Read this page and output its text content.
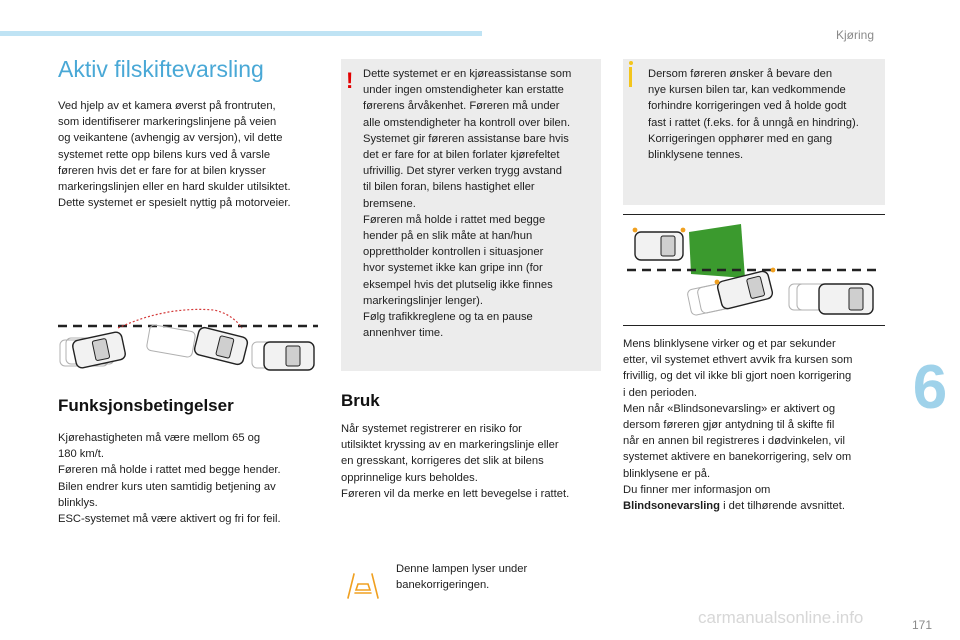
Kjøring
6
Aktiv filskiftevarsling
Ved hjelp av et kamera øverst på frontruten,
som identifiserer markeringslinjene på veien
og veikantene (avhengig av versjon), vil dette
systemet rette opp bilens kurs ved å varsle
føreren hvis det er fare for at bilen krysser
markeringslinjen eller en hard skulder utilsiktet.
Dette systemet er spesielt nyttig på motorveier.
Funksjonsbetingelser
Kjørehastigheten må være mellom 65 og
180 km/t.
Føreren må holde i rattet med begge hender.
Bilen endrer kurs uten samtidig betjening av
blinklys.
ESC-systemet må være aktivert og fri for feil.
! Dette systemet er en kjøreassistanse som
under ingen omstendigheter kan erstatte
førerens årvåkenhet. Føreren må under
alle omstendigheter ha kontroll over bilen.
Systemet gir føreren assistanse bare hvis
det er fare for at bilen forlater kjørefeltet
ufrivillig. Det styrer verken trygg avstand
til bilen foran, bilens hastighet eller
bremsene.
Føreren må holde i rattet med begge
hender på en slik måte at han/hun
opprettholder kontrollen i situasjoner
hvor systemet ikke kan gripe inn (for
eksempel hvis det plutselig ikke finnes
markeringslinjer lenger).
Følg trafikkreglene og ta en pause
annenhver time.
Bruk
Når systemet registrerer en risiko for
utilsiktet kryssing av en markeringslinje eller
en gresskant, korrigeres det slik at bilens
opprinnelige kurs beholdes.
Føreren vil da merke en lett bevegelse i rattet.
Denne lampen lyser under
banekorrigeringen.
Dersom føreren ønsker å bevare den
nye kursen bilen tar, kan vedkommende
forhindre korrigeringen ved å holde godt
fast i rattet (f.eks. for å unngå en hindring).
Korrigeringen opphører med en gang
blinklysene tennes.
Mens blinklysene virker og et par sekunder
etter, vil systemet ethvert avvik fra kursen som
frivillig, og det vil ikke bli gjort noen korrigering
i den perioden.
Men når «Blindsonevarsling» er aktivert og
dersom føreren gjør antydning til å skifte fil
når en annen bil registreres i dødvinkelen, vil
systemet aktivere en banekorrigering, selv om
blinklysene er på.
Du finner mer informasjon om
Blindsonevarsling i det tilhørende avsnittet.
171
carmanualsonline.info
